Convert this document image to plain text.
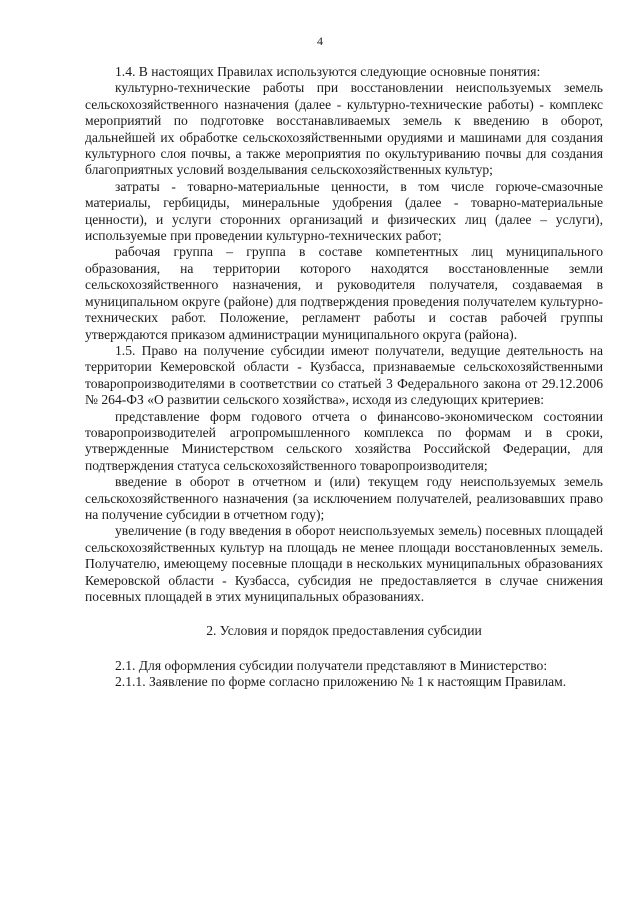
4

1.4. В настоящих Правилах используются следующие основные понятия:

культурно-технические работы при восстановлении неиспользуемых земель сельскохозяйственного назначения (далее - культурно-технические работы) - комплекс мероприятий по подготовке восстанавливаемых земель к введению в оборот, дальнейшей их обработке сельскохозяйственными орудиями и машинами для создания культурного слоя почвы, а также мероприятия по окультуриванию почвы для создания благоприятных условий возделывания сельскохозяйственных культур;

затраты - товарно-материальные ценности, в том числе горюче-смазочные материалы, гербициды, минеральные удобрения (далее - товарно-материальные ценности), и услуги сторонних организаций и физических лиц (далее – услуги), используемые при проведении культурно-технических работ;

рабочая группа – группа в составе компетентных лиц муниципального образования, на территории которого находятся восстановленные земли сельскохозяйственного назначения, и руководителя получателя, создаваемая в муниципальном округе (районе) для подтверждения проведения получателем культурно-технических работ. Положение, регламент работы и состав рабочей группы утверждаются приказом администрации муниципального округа (района).

1.5. Право на получение субсидии имеют получатели, ведущие деятельность на территории Кемеровской области - Кузбасса, признаваемые сельскохозяйственными товаропроизводителями в соответствии со статьей 3 Федерального закона от 29.12.2006 № 264-ФЗ «О развитии сельского хозяйства», исходя из следующих критериев:

представление форм годового отчета о финансово-экономическом состоянии товаропроизводителей агропромышленного комплекса по формам и в сроки, утвержденные Министерством сельского хозяйства Российской Федерации, для подтверждения статуса сельскохозяйственного товаропроизводителя;

введение в оборот в отчетном и (или) текущем году неиспользуемых земель сельскохозяйственного назначения (за исключением получателей, реализовавших право на получение субсидии в отчетном году);

увеличение (в году введения в оборот неиспользуемых земель) посевных площадей сельскохозяйственных культур на площадь не менее площади восстановленных земель. Получателю, имеющему посевные площади в нескольких муниципальных образованиях Кемеровской области - Кузбасса, субсидия не предоставляется в случае снижения посевных площадей в этих муниципальных образованиях.

2. Условия и порядок предоставления субсидии

2.1. Для оформления субсидии получатели представляют в Министерство:

2.1.1. Заявление по форме согласно приложению № 1 к настоящим Правилам.
